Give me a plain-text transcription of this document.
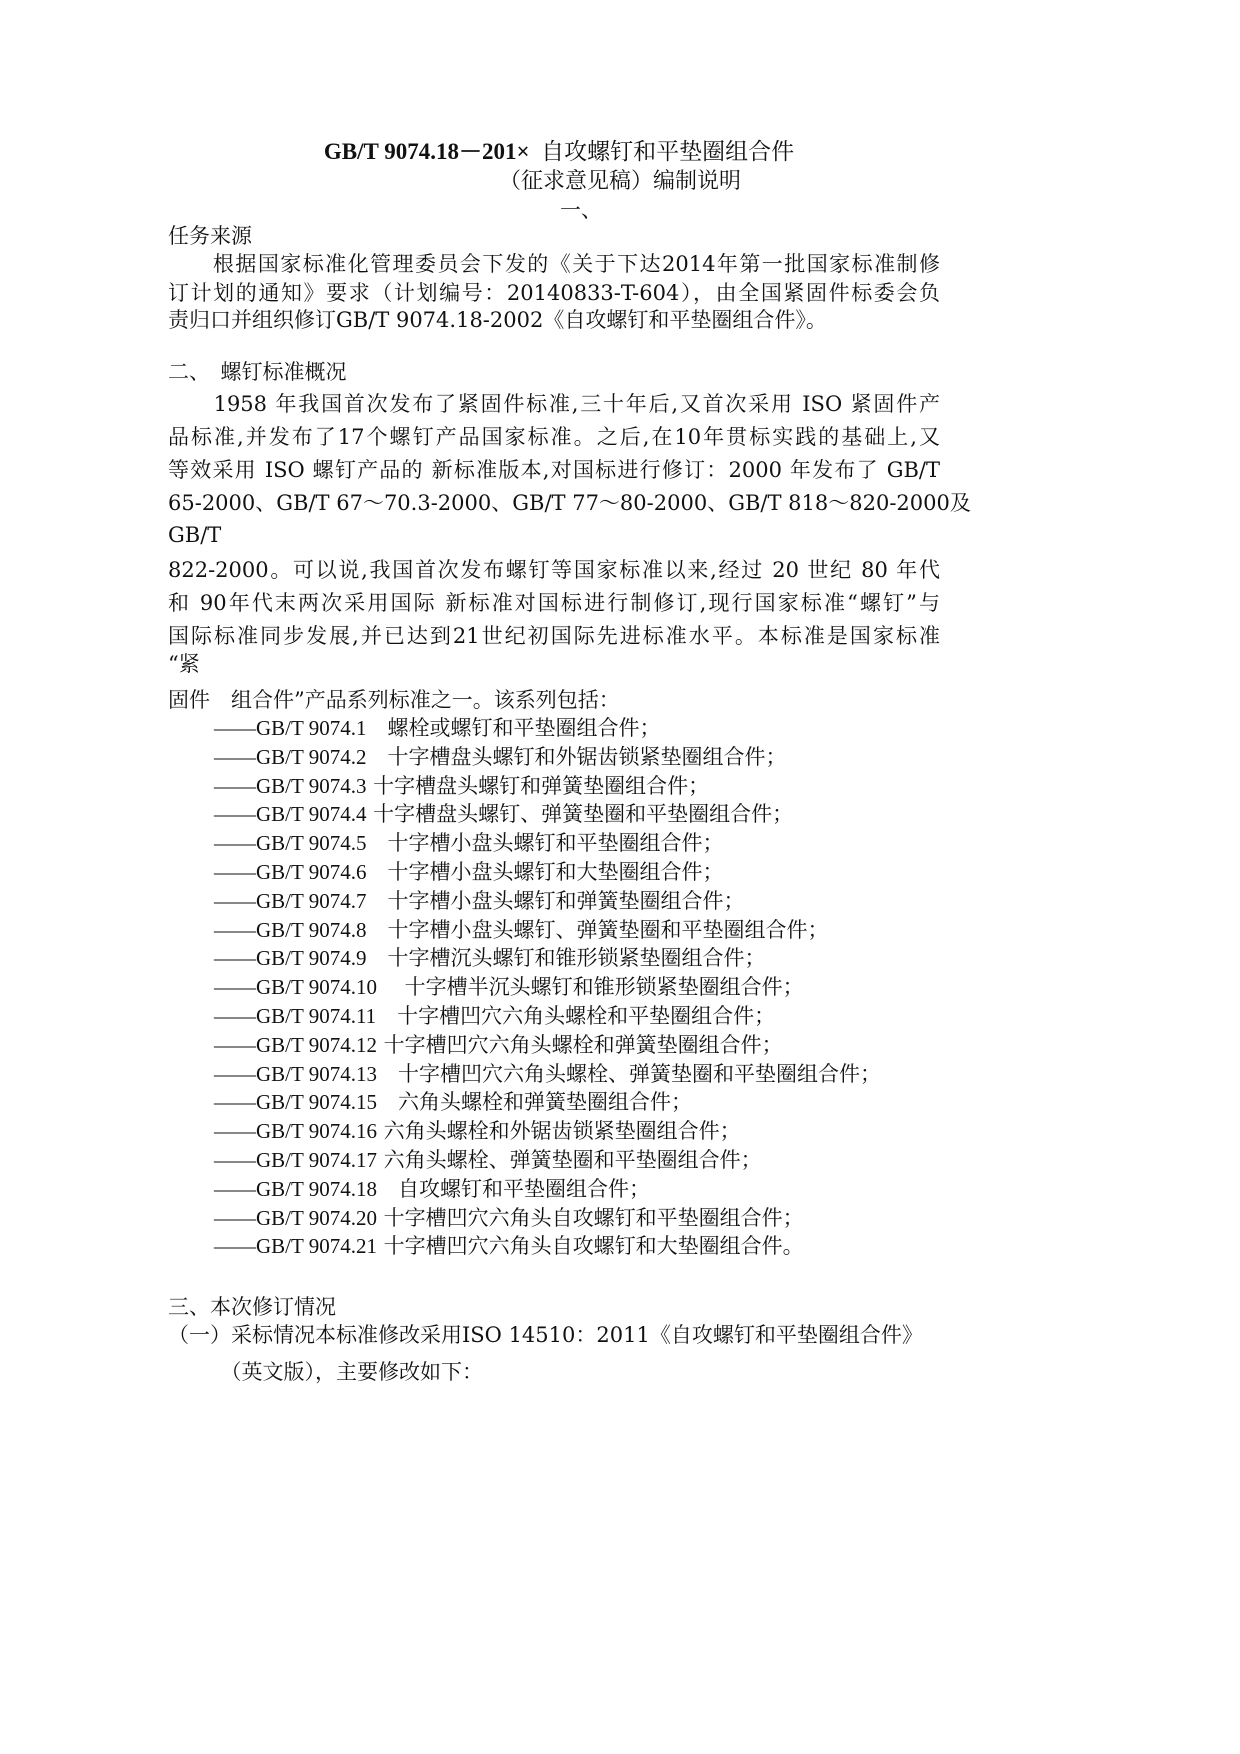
GB/T 9074.18－201× 自攻螺钉和平垫圈组合件
（征求意见稿）编制说明
一、
任务来源
　　根据国家标准化管理委员会下发的《关于下达2014年第一批国家标准制修
订计划的通知》要求（计划编号：20140833-T-604），由全国紧固件标委会负
责归口并组织修订GB/T 9074.18-2002《自攻螺钉和平垫圈组合件》。
二、　螺钉标准概况
　　1958 年我国首次发布了紧固件标准,三十年后,又首次采用 ISO 紧固件产
品标准,并发布了17个螺钉产品国家标准。之后,在10年贯标实践的基础上,又
等效采用 ISO 螺钉产品的 新标准版本,对国标进行修订：2000 年发布了 GB/T
65-2000、GB/T 67～70.3-2000、GB/T 77～80-2000、GB/T 818～820-2000及
GB/T
822-2000。可以说,我国首次发布螺钉等国家标准以来,经过 20 世纪 80 年代
和 90年代末两次采用国际 新标准对国标进行制修订,现行国家标准“螺钉”与
国际标准同步发展,并已达到21世纪初国际先进标准水平。本标准是国家标准
“紧
固件　组合件”产品系列标准之一。该系列包括：
——GB/T 9074.1　螺栓或螺钉和平垫圈组合件；
——GB/T 9074.2　十字槽盘头螺钉和外锯齿锁紧垫圈组合件；
——GB/T 9074.3 十字槽盘头螺钉和弹簧垫圈组合件；
——GB/T 9074.4 十字槽盘头螺钉、弹簧垫圈和平垫圈组合件；
——GB/T 9074.5　十字槽小盘头螺钉和平垫圈组合件；
——GB/T 9074.6　十字槽小盘头螺钉和大垫圈组合件；
——GB/T 9074.7　十字槽小盘头螺钉和弹簧垫圈组合件；
——GB/T 9074.8　十字槽小盘头螺钉、弹簧垫圈和平垫圈组合件；
——GB/T 9074.9　十字槽沉头螺钉和锥形锁紧垫圈组合件；
——GB/T 9074.10　 十字槽半沉头螺钉和锥形锁紧垫圈组合件；
——GB/T 9074.11　十字槽凹穴六角头螺栓和平垫圈组合件；
——GB/T 9074.12 十字槽凹穴六角头螺栓和弹簧垫圈组合件；
——GB/T 9074.13　十字槽凹穴六角头螺栓、弹簧垫圈和平垫圈组合件；
——GB/T 9074.15　六角头螺栓和弹簧垫圈组合件；
——GB/T 9074.16 六角头螺栓和外锯齿锁紧垫圈组合件；
——GB/T 9074.17 六角头螺栓、弹簧垫圈和平垫圈组合件；
——GB/T 9074.18　自攻螺钉和平垫圈组合件；
——GB/T 9074.20 十字槽凹穴六角头自攻螺钉和平垫圈组合件；
——GB/T 9074.21 十字槽凹穴六角头自攻螺钉和大垫圈组合件。
三、本次修订情况
（一）采标情况本标准修改采用ISO 14510：2011《自攻螺钉和平垫圈组合件》
　　　（英文版），主要修改如下：
